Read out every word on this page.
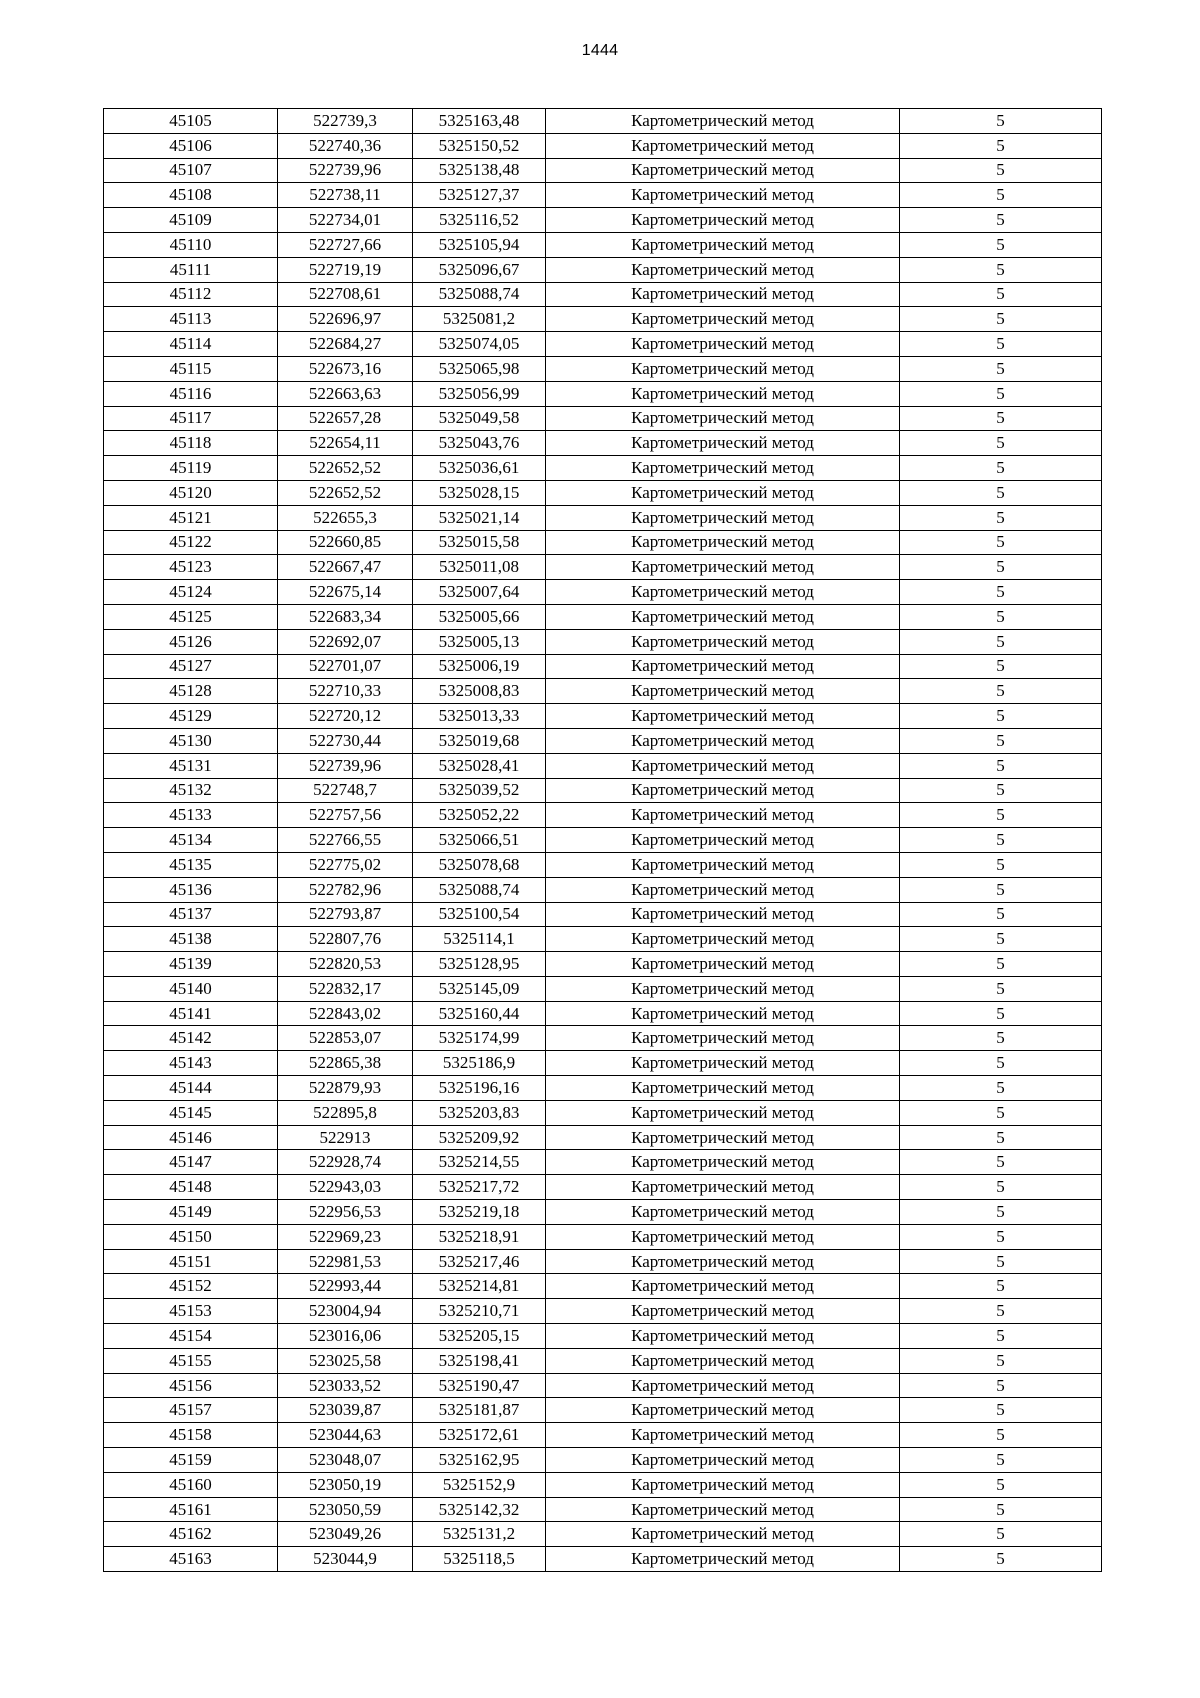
1444
45105	522739,3	5325163,48	Картометрический метод	5
45106	522740,36	5325150,52	Картометрический метод	5
45107	522739,96	5325138,48	Картометрический метод	5
45108	522738,11	5325127,37	Картометрический метод	5
45109	522734,01	5325116,52	Картометрический метод	5
45110	522727,66	5325105,94	Картометрический метод	5
45111	522719,19	5325096,67	Картометрический метод	5
45112	522708,61	5325088,74	Картометрический метод	5
45113	522696,97	5325081,2	Картометрический метод	5
45114	522684,27	5325074,05	Картометрический метод	5
45115	522673,16	5325065,98	Картометрический метод	5
45116	522663,63	5325056,99	Картометрический метод	5
45117	522657,28	5325049,58	Картометрический метод	5
45118	522654,11	5325043,76	Картометрический метод	5
45119	522652,52	5325036,61	Картометрический метод	5
45120	522652,52	5325028,15	Картометрический метод	5
45121	522655,3	5325021,14	Картометрический метод	5
45122	522660,85	5325015,58	Картометрический метод	5
45123	522667,47	5325011,08	Картометрический метод	5
45124	522675,14	5325007,64	Картометрический метод	5
45125	522683,34	5325005,66	Картометрический метод	5
45126	522692,07	5325005,13	Картометрический метод	5
45127	522701,07	5325006,19	Картометрический метод	5
45128	522710,33	5325008,83	Картометрический метод	5
45129	522720,12	5325013,33	Картометрический метод	5
45130	522730,44	5325019,68	Картометрический метод	5
45131	522739,96	5325028,41	Картометрический метод	5
45132	522748,7	5325039,52	Картометрический метод	5
45133	522757,56	5325052,22	Картометрический метод	5
45134	522766,55	5325066,51	Картометрический метод	5
45135	522775,02	5325078,68	Картометрический метод	5
45136	522782,96	5325088,74	Картометрический метод	5
45137	522793,87	5325100,54	Картометрический метод	5
45138	522807,76	5325114,1	Картометрический метод	5
45139	522820,53	5325128,95	Картометрический метод	5
45140	522832,17	5325145,09	Картометрический метод	5
45141	522843,02	5325160,44	Картометрический метод	5
45142	522853,07	5325174,99	Картометрический метод	5
45143	522865,38	5325186,9	Картометрический метод	5
45144	522879,93	5325196,16	Картометрический метод	5
45145	522895,8	5325203,83	Картометрический метод	5
45146	522913	5325209,92	Картометрический метод	5
45147	522928,74	5325214,55	Картометрический метод	5
45148	522943,03	5325217,72	Картометрический метод	5
45149	522956,53	5325219,18	Картометрический метод	5
45150	522969,23	5325218,91	Картометрический метод	5
45151	522981,53	5325217,46	Картометрический метод	5
45152	522993,44	5325214,81	Картометрический метод	5
45153	523004,94	5325210,71	Картометрический метод	5
45154	523016,06	5325205,15	Картометрический метод	5
45155	523025,58	5325198,41	Картометрический метод	5
45156	523033,52	5325190,47	Картометрический метод	5
45157	523039,87	5325181,87	Картометрический метод	5
45158	523044,63	5325172,61	Картометрический метод	5
45159	523048,07	5325162,95	Картометрический метод	5
45160	523050,19	5325152,9	Картометрический метод	5
45161	523050,59	5325142,32	Картометрический метод	5
45162	523049,26	5325131,2	Картометрический метод	5
45163	523044,9	5325118,5	Картометрический метод	5
